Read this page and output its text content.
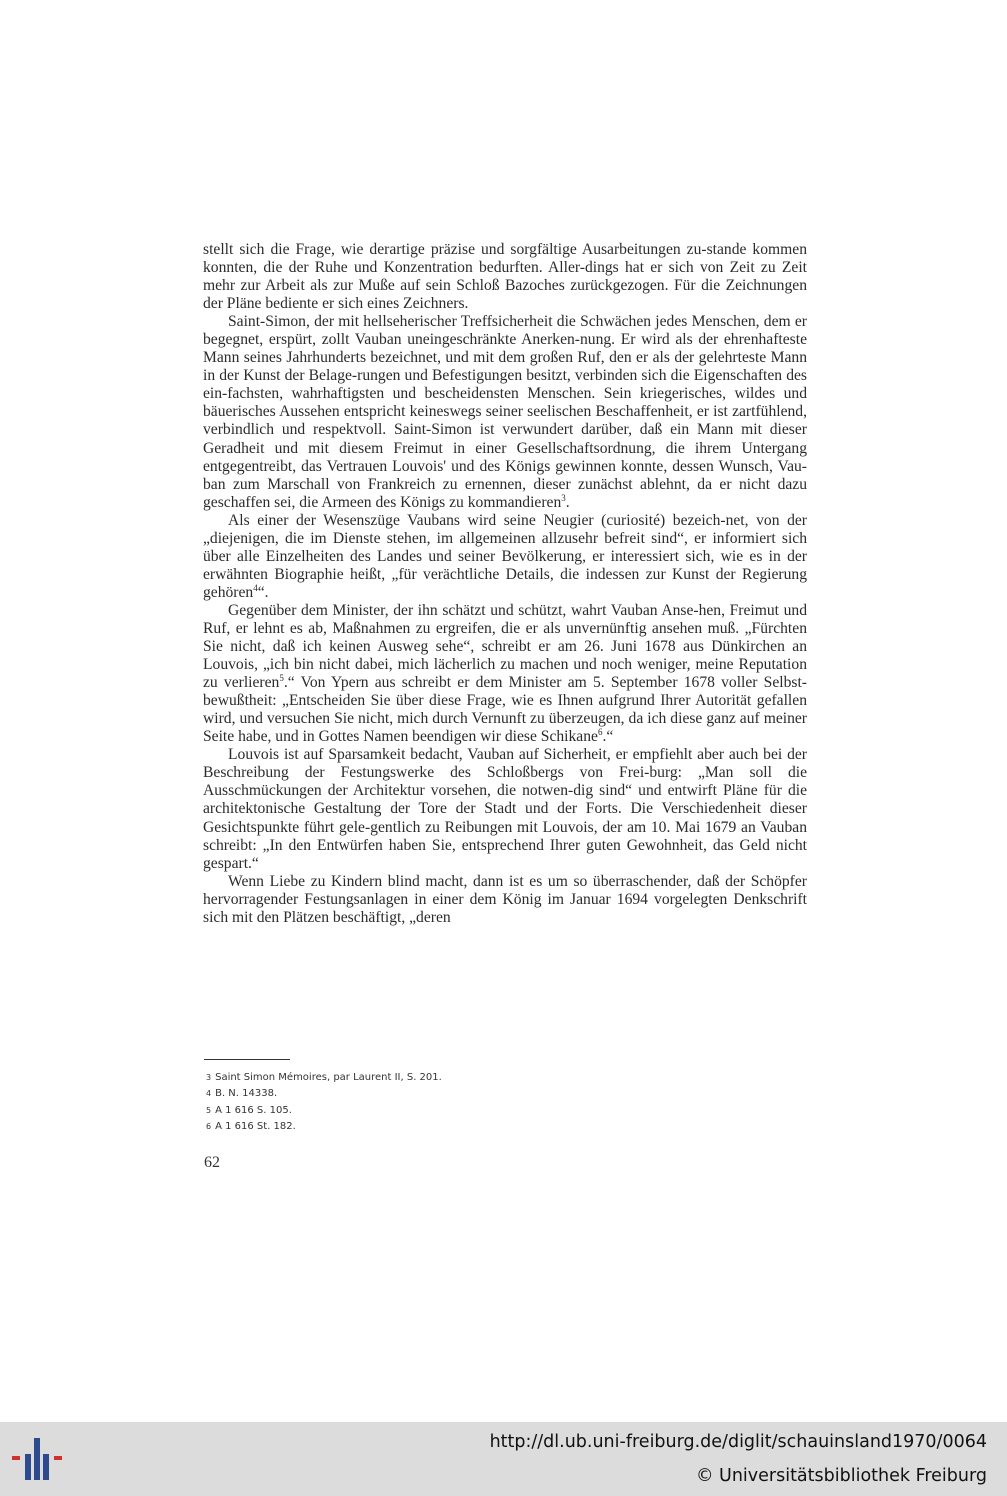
stellt sich die Frage, wie derartige präzise und sorgfältige Ausarbeitungen zu-stande kommen konnten, die der Ruhe und Konzentration bedurften. Aller-dings hat er sich von Zeit zu Zeit mehr zur Arbeit als zur Muße auf sein Schloß Bazoches zurückgezogen. Für die Zeichnungen der Pläne bediente er sich eines Zeichners.

Saint-Simon, der mit hellseherischer Treffsicherheit die Schwächen jedes Menschen, dem er begegnet, erspürt, zollt Vauban uneingeschränkte Anerken-nung. Er wird als der ehrenhafteste Mann seines Jahrhunderts bezeichnet, und mit dem großen Ruf, den er als der gelehrteste Mann in der Kunst der Belage-rungen und Befestigungen besitzt, verbinden sich die Eigenschaften des ein-fachsten, wahrhaftigsten und bescheidensten Menschen. Sein kriegerisches, wildes und bäuerisches Aussehen entspricht keineswegs seiner seelischen Beschaffenheit, er ist zartfühlend, verbindlich und respektvoll. Saint-Simon ist verwundert darüber, daß ein Mann mit dieser Geradheit und mit diesem Freimut in einer Gesellschaftsordnung, die ihrem Untergang entgegentreibt, das Vertrauen Louvois' und des Königs gewinnen konnte, dessen Wunsch, Vau-ban zum Marschall von Frankreich zu ernennen, dieser zunächst ablehnt, da er nicht dazu geschaffen sei, die Armeen des Königs zu kommandieren$^3$.

Als einer der Wesenszüge Vaubans wird seine Neugier (curiosité) bezeich-net, von der „diejenigen, die im Dienste stehen, im allgemeinen allzusehr befreit sind“, er informiert sich über alle Einzelheiten des Landes und seiner Bevölkerung, er interessiert sich, wie es in der erwähnten Biographie heißt, „für verächtliche Details, die indessen zur Kunst der Regierung gehören$^4$“.

Gegenüber dem Minister, der ihn schätzt und schützt, wahrt Vauban Anse-hen, Freimut und Ruf, er lehnt es ab, Maßnahmen zu ergreifen, die er als unvernünftig ansehen muß. „Fürchten Sie nicht, daß ich keinen Ausweg sehe“, schreibt er am 26. Juni 1678 aus Dünkirchen an Louvois, „ich bin nicht dabei, mich lächerlich zu machen und noch weniger, meine Reputation zu verlieren$^5$.“ Von Ypern aus schreibt er dem Minister am 5. September 1678 voller Selbst-bewußtheit: „Entscheiden Sie über diese Frage, wie es Ihnen aufgrund Ihrer Autorität gefallen wird, und versuchen Sie nicht, mich durch Vernunft zu überzeugen, da ich diese ganz auf meiner Seite habe, und in Gottes Namen beendigen wir diese Schikane$^6$.“

Louvois ist auf Sparsamkeit bedacht, Vauban auf Sicherheit, er empfiehlt aber auch bei der Beschreibung der Festungswerke des Schloßbergs von Frei-burg: „Man soll die Ausschmückungen der Architektur vorsehen, die notwen-dig sind“ und entwirft Pläne für die architektonische Gestaltung der Tore der Stadt und der Forts. Die Verschiedenheit dieser Gesichtspunkte führt gele-gentlich zu Reibungen mit Louvois, der am 10. Mai 1679 an Vauban schreibt: „In den Entwürfen haben Sie, entsprechend Ihrer guten Gewohnheit, das Geld nicht gespart.“

Wenn Liebe zu Kindern blind macht, dann ist es um so überraschender, daß der Schöpfer hervorragender Festungsanlagen in einer dem König im Januar 1694 vorgelegten Denkschrift sich mit den Plätzen beschäftigt, „deren

3 Saint Simon Mémoires, par Laurent II, S. 201.
4 B. N. 14338.
5 A 1 616 S. 105.
6 A 1 616 St. 182.
62
http://dl.ub.uni-freiburg.de/diglit/schauinsland1970/0064
© Universitätsbibliothek Freiburg
